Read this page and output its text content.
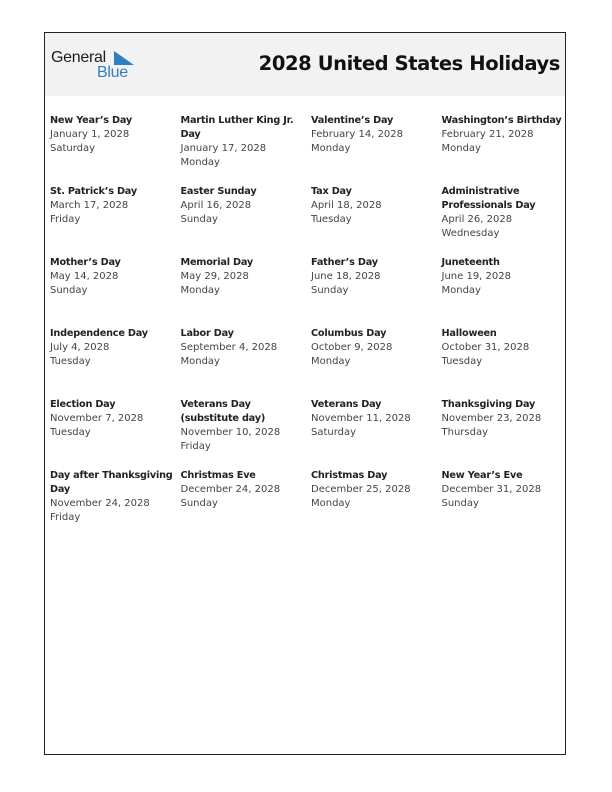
General
Blue	2028 United States Holidays
New Year’s Day
January 1, 2028
Saturday
Martin Luther King Jr. Day
January 17, 2028
Monday
Valentine’s Day
February 14, 2028
Monday
Washington’s Birthday
February 21, 2028
Monday
St. Patrick’s Day
March 17, 2028
Friday
Easter Sunday
April 16, 2028
Sunday
Tax Day
April 18, 2028
Tuesday
Administrative Professionals Day
April 26, 2028
Wednesday
Mother’s Day
May 14, 2028
Sunday
Memorial Day
May 29, 2028
Monday
Father’s Day
June 18, 2028
Sunday
Juneteenth
June 19, 2028
Monday
Independence Day
July 4, 2028
Tuesday
Labor Day
September 4, 2028
Monday
Columbus Day
October 9, 2028
Monday
Halloween
October 31, 2028
Tuesday
Election Day
November 7, 2028
Tuesday
Veterans Day (substitute day)
November 10, 2028
Friday
Veterans Day
November 11, 2028
Saturday
Thanksgiving Day
November 23, 2028
Thursday
Day after Thanksgiving Day
November 24, 2028
Friday
Christmas Eve
December 24, 2028
Sunday
Christmas Day
December 25, 2028
Monday
New Year’s Eve
December 31, 2028
Sunday
